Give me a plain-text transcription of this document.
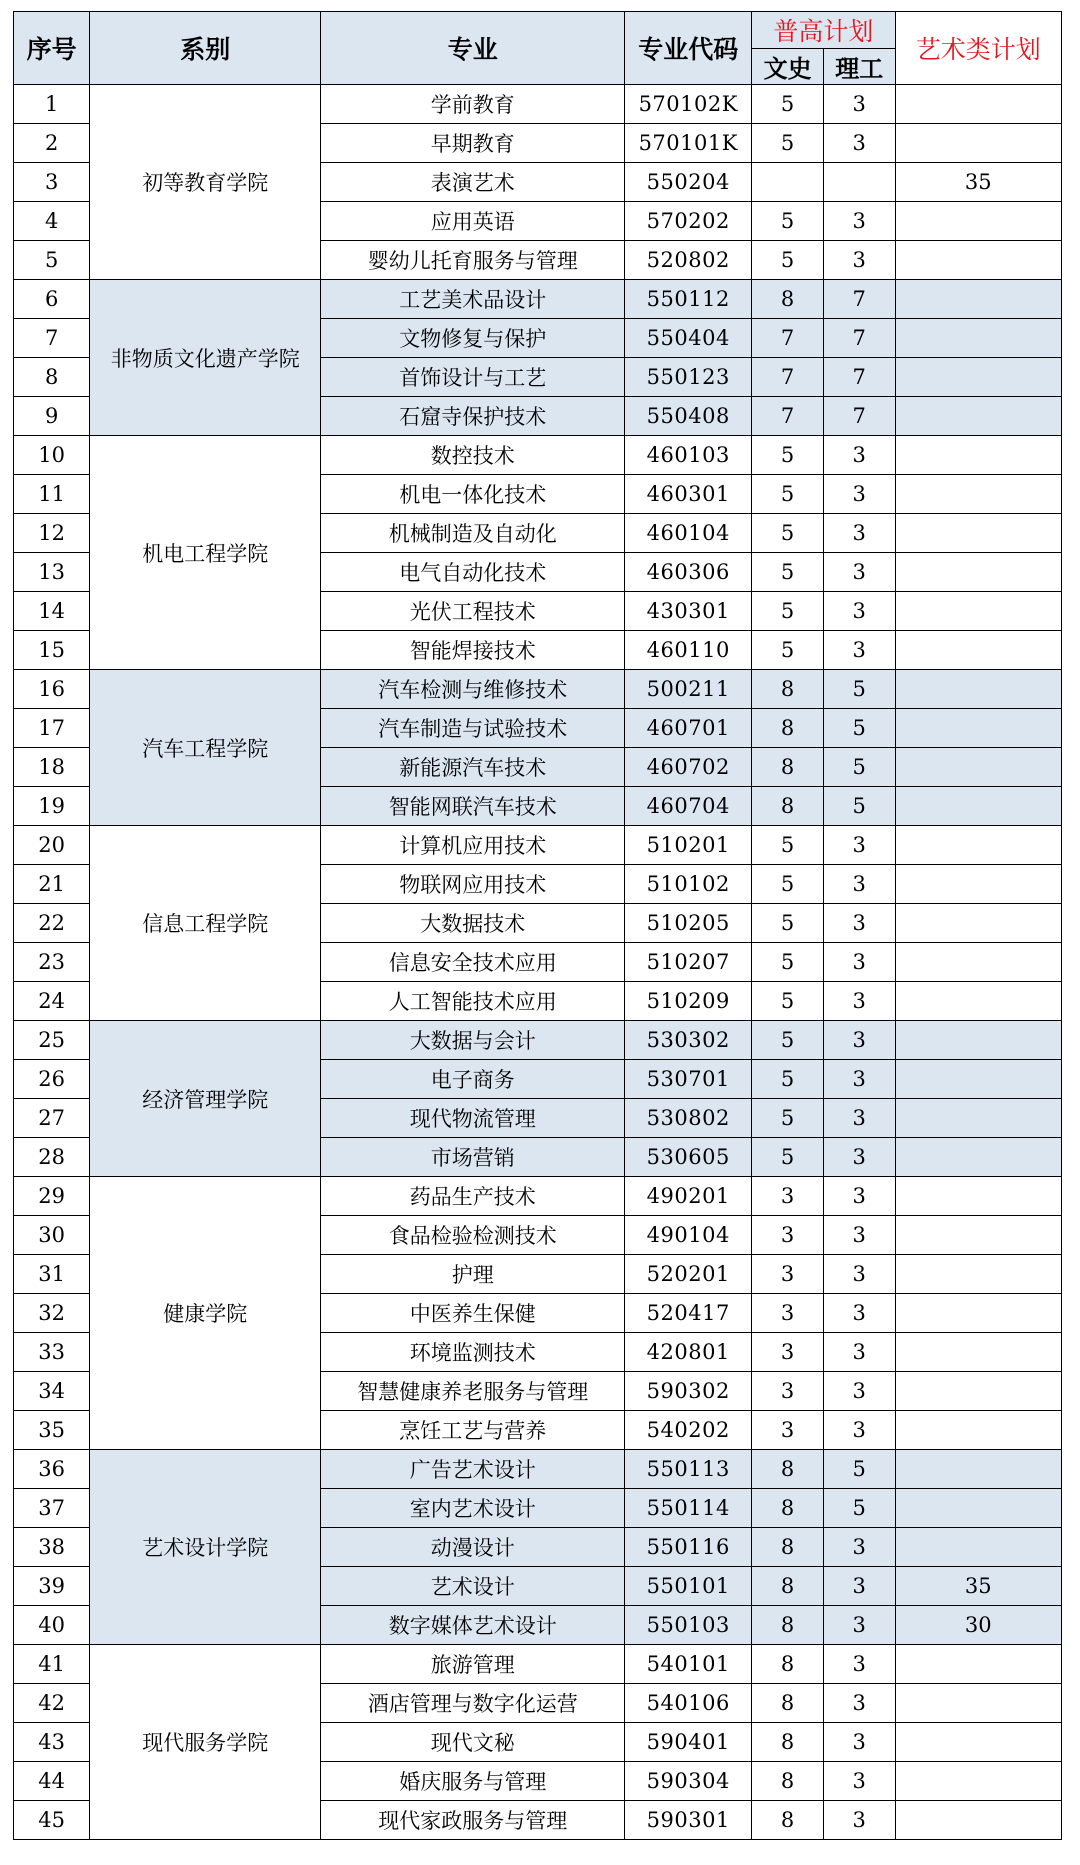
序号	系别	专业	专业代码	普高计划		艺术类计划
				文史	理工	
1	初等教育学院	学前教育	570102K	5	3	
2		早期教育	570101K	5	3	
3		表演艺术	550204			35
4		应用英语	570202	5	3	
5		婴幼儿托育服务与管理	520802	5	3	
6	非物质文化遗产学院	工艺美术品设计	550112	8	7	
7		文物修复与保护	550404	7	7	
8		首饰设计与工艺	550123	7	7	
9		石窟寺保护技术	550408	7	7	
10	机电工程学院	数控技术	460103	5	3	
11		机电一体化技术	460301	5	3	
12		机械制造及自动化	460104	5	3	
13		电气自动化技术	460306	5	3	
14		光伏工程技术	430301	5	3	
15		智能焊接技术	460110	5	3	
16	汽车工程学院	汽车检测与维修技术	500211	8	5	
17		汽车制造与试验技术	460701	8	5	
18		新能源汽车技术	460702	8	5	
19		智能网联汽车技术	460704	8	5	
20	信息工程学院	计算机应用技术	510201	5	3	
21		物联网应用技术	510102	5	3	
22		大数据技术	510205	5	3	
23		信息安全技术应用	510207	5	3	
24		人工智能技术应用	510209	5	3	
25	经济管理学院	大数据与会计	530302	5	3	
26		电子商务	530701	5	3	
27		现代物流管理	530802	5	3	
28		市场营销	530605	5	3	
29	健康学院	药品生产技术	490201	3	3	
30		食品检验检测技术	490104	3	3	
31		护理	520201	3	3	
32		中医养生保健	520417	3	3	
33		环境监测技术	420801	3	3	
34		智慧健康养老服务与管理	590302	3	3	
35		烹饪工艺与营养	540202	3	3	
36	艺术设计学院	广告艺术设计	550113	8	5	
37		室内艺术设计	550114	8	5	
38		动漫设计	550116	8	3	
39		艺术设计	550101	8	3	35
40		数字媒体艺术设计	550103	8	3	30
41	现代服务学院	旅游管理	540101	8	3	
42		酒店管理与数字化运营	540106	8	3	
43		现代文秘	590401	8	3	
44		婚庆服务与管理	590304	8	3	
45		现代家政服务与管理	590301	8	3	
